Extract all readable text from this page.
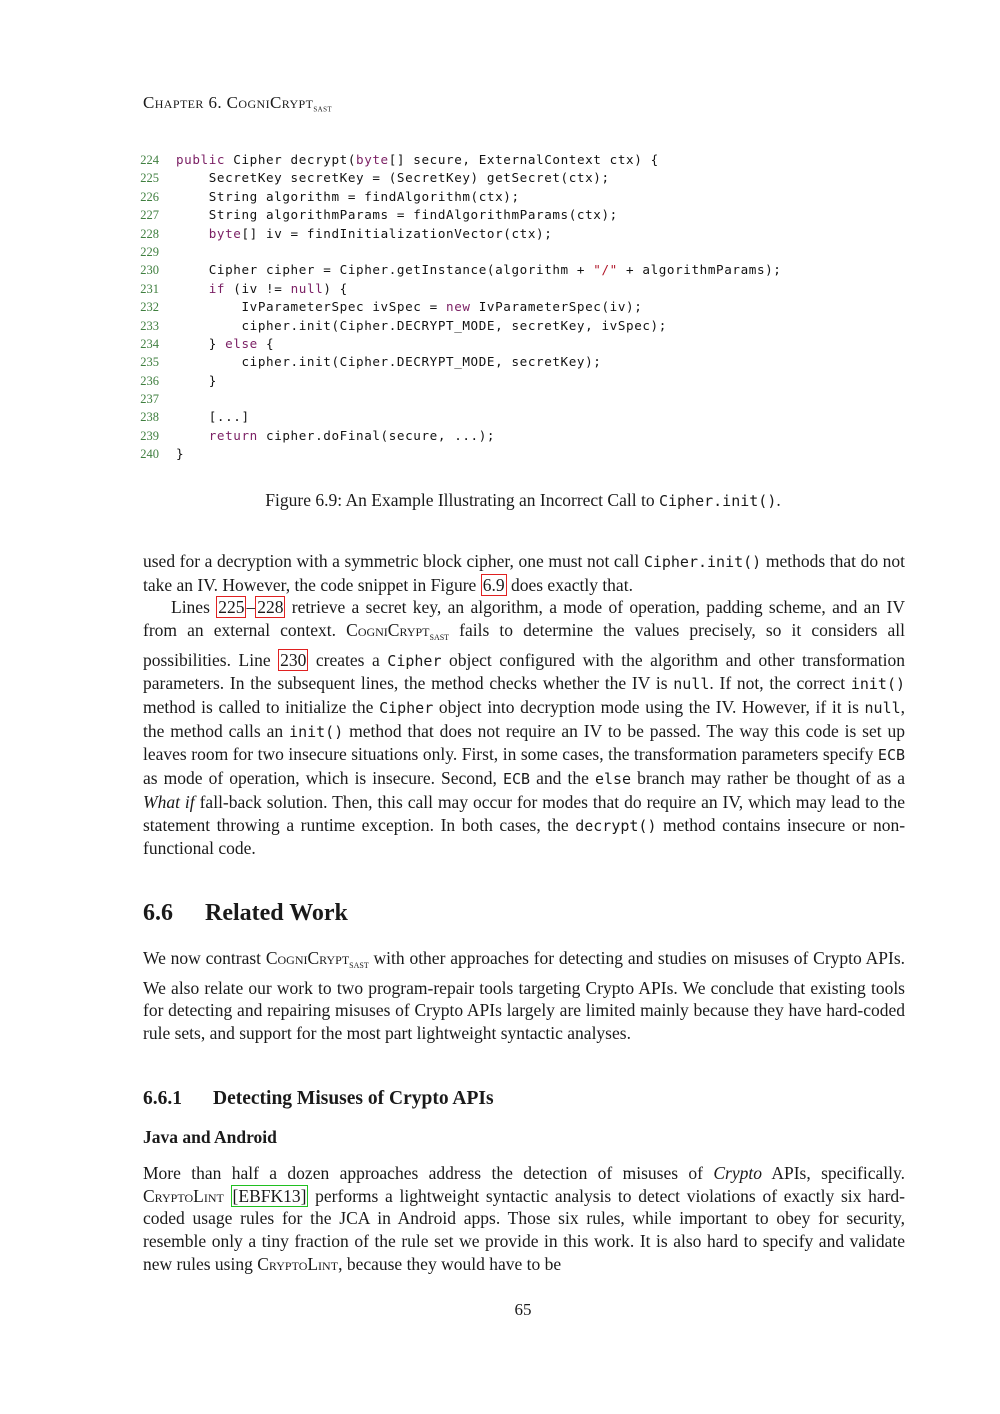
Chapter 6. CogniCrypt$_{sast}$
224 public Cipher decrypt(byte[] secure, ExternalContext ctx) {
225 SecretKey secretKey = (SecretKey) getSecret(ctx);
226 String algorithm = findAlgorithm(ctx);
227 String algorithmParams = findAlgorithmParams(ctx);
228	byte[] iv = findInitializationVector(ctx);
229
230 Cipher cipher = Cipher.getInstance(algorithm + "/" + algorithmParams);
231	if (iv != null) {
232 IvParameterSpec ivSpec = new IvParameterSpec(iv);
233 cipher.init(Cipher.DECRYPT_MODE, secretKey, ivSpec);
234 } else {
235 cipher.init(Cipher.DECRYPT_MODE, secretKey);
236 }
237
238 [...]
239	return cipher.doFinal(secure, ...);
240 }
Figure 6.9: An Example Illustrating an Incorrect Call to Cipher.init().

used for a decryption with a symmetric block cipher, one must not call Cipher.init() methods that do not take an IV. However, the code snippet in Figure 6.9 does exactly that.

Lines 225 – 228 retrieve a secret key, an algorithm, a mode of operation, padding scheme, and an IV from an external context. CogniCrypt$_{sast}$ fails to determine the values precisely, so it considers all possibilities. Line 230 creates a Cipher object configured with the algorithm and other transformation parameters. In the subsequent lines, the method checks whether the IV is null. If not, the correct init() method is called to initialize the Cipher object into decryption mode using the IV. However, if it is null, the method calls an init() method that does not require an IV to be passed. The way this code is set up leaves room for two insecure situations only. First, in some cases, the transformation parameters specify ECB as mode of operation, which is insecure. Second, ECB and the else branch may rather be thought of as a What if fall-back solution. Then, this call may occur for modes that do require an IV, which may lead to the statement throwing a runtime exception. In both cases, the decrypt() method contains insecure or non-functional code.

6.6 Related Work

We now contrast CogniCrypt$_{sast}$ with other approaches for detecting and studies on misuses of Crypto APIs. We also relate our work to two program-repair tools targeting Crypto APIs. We conclude that existing tools for detecting and repairing misuses of Crypto APIs largely are limited mainly because they have hard-coded rule sets, and support for the most part lightweight syntactic analyses.

6.6.1 Detecting Misuses of Crypto APIs
Java and Android

More than half a dozen approaches address the detection of misuses of Crypto APIs, specifically. CryptoLint [EBFK13] performs a lightweight syntactic analysis to detect violations of exactly six hard-coded usage rules for the JCA in Android apps. Those six rules, while important to obey for security, resemble only a tiny fraction of the rule set we provide in this work. It is also hard to specify and validate new rules using CryptoLint, because they would have to be

65
